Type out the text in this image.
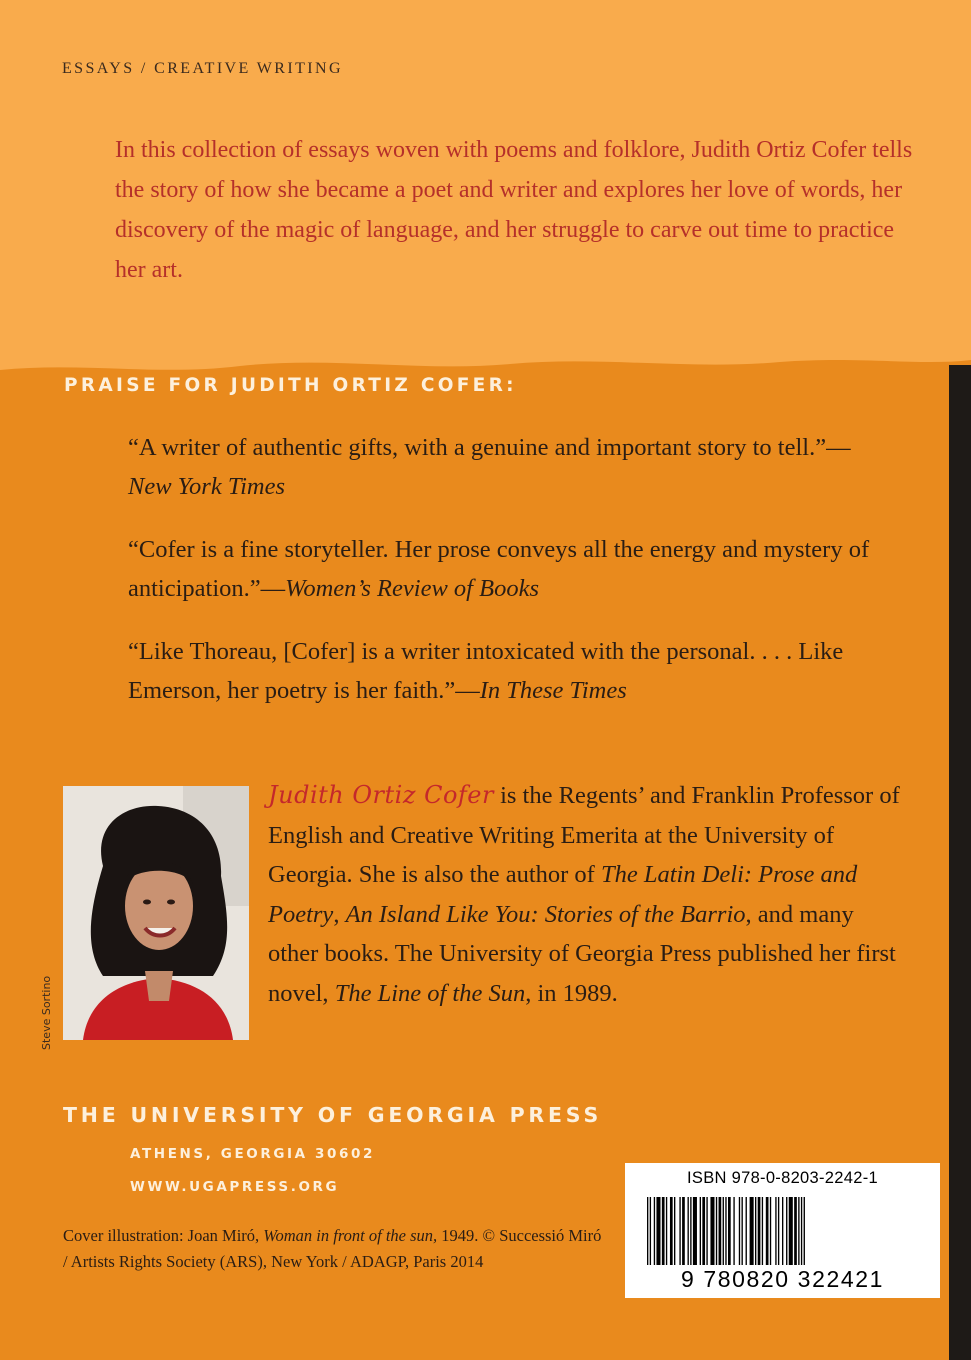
ESSAYS / CREATIVE WRITING
In this collection of essays woven with poems and folklore, Judith Ortiz Cofer tells the story of how she became a poet and writer and explores her love of words, her discovery of the magic of language, and her struggle to carve out time to practice her art.
PRAISE FOR JUDITH ORTIZ COFER:
“A writer of authentic gifts, with a genuine and important story to tell.”—New York Times
“Cofer is a fine storyteller. Her prose conveys all the energy and mystery of anticipation.”—Women’s Review of Books
“Like Thoreau, [Cofer] is a writer intoxicated with the personal. . . . Like Emerson, her poetry is her faith.”—In These Times
Steve Sortino
Judith Ortiz Cofer is the Regents’ and Franklin Professor of English and Creative Writing Emerita at the University of Georgia. She is also the author of The Latin Deli: Prose and Poetry, An Island Like You: Stories of the Barrio, and many other books. The University of Georgia Press published her first novel, The Line of the Sun, in 1989.
THE UNIVERSITY OF GEORGIA PRESS
ATHENS, GEORGIA 30602
WWW.UGAPRESS.ORG
Cover illustration: Joan Miró, Woman in front of the sun, 1949. © Successió Miró / Artists Rights Society (ARS), New York / ADAGP, Paris 2014
ISBN 978-0-8203-2242-1
9 780820 322421
